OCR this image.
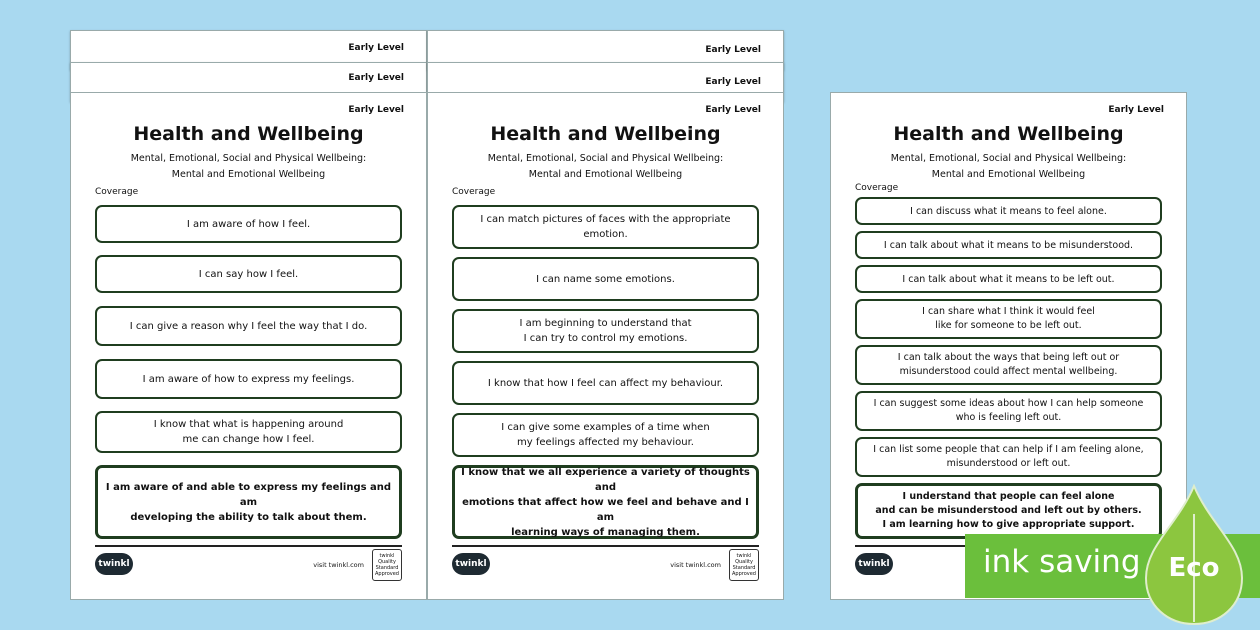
Early Level
Early Level
Early Level
Early Level
Early Level
Health and Wellbeing
Mental, Emotional, Social and Physical Wellbeing:
Mental and Emotional Wellbeing
Coverage
I am aware of how I feel.
I can say how I feel.
I can give a reason why I feel the way that I do.
I am aware of how to express my feelings.
I know that what is happening around
me can change how I feel.
I am aware of and able to express my feelings and am
developing the ability to talk about them.
twinkl	visit twinkl.com
twinkl Quality Standard Approved
Early Level
Health and Wellbeing
Mental, Emotional, Social and Physical Wellbeing:
Mental and Emotional Wellbeing
Coverage
I can match pictures of faces with the appropriate emotion.
I can name some emotions.
I am beginning to understand that
I can try to control my emotions.
I know that how I feel can affect my behaviour.
I can give some examples of a time when
my feelings affected my behaviour.
I know that we all experience a variety of thoughts and
emotions that affect how we feel and behave and I am
learning ways of managing them.
twinkl	visit twinkl.com
twinkl Quality Standard Approved
Early Level
Health and Wellbeing
Mental, Emotional, Social and Physical Wellbeing:
Mental and Emotional Wellbeing
Coverage
I can discuss what it means to feel alone.
I can talk about what it means to be misunderstood.
I can talk about what it means to be left out.
I can share what I think it would feel
like for someone to be left out.
I can talk about the ways that being left out or
misunderstood could affect mental wellbeing.
I can suggest some ideas about how I can help someone
who is feeling left out.
I can list some people that can help if I am feeling alone,
misunderstood or left out.
I understand that people can feel alone
and can be misunderstood and left out by others.
I am learning how to give appropriate support.
twinkl	ink saving Eco
